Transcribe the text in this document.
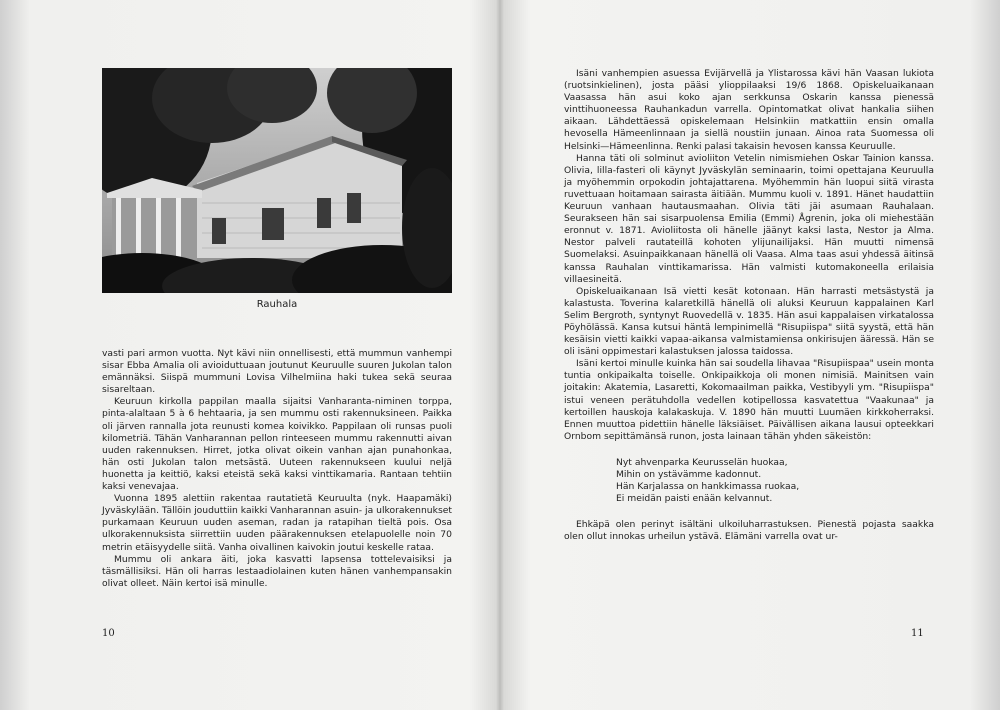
Rauhala

vasti pari armon vuotta. Nyt kävi niin onnellisesti, että mummun vanhempi sisar Ebba Amalia oli avioiduttuaan joutunut Keuruulle suuren Jukolan talon emännäksi. Siispä mummuni Lovisa Vilhelmiina haki tukea sekä seuraa sisareltaan.

Keuruun kirkolla pappilan maalla sijaitsi Vanharanta-niminen torppa, pinta-alaltaan 5 à 6 hehtaaria, ja sen mummu osti rakennuksineen. Paikka oli järven rannalla jota reunusti komea koivikko. Pappilaan oli runsas puoli kilometriä. Tähän Vanharannan pellon rinteeseen mummu rakennutti aivan uuden rakennuksen. Hirret, jotka olivat oikein vanhan ajan punahonkaa, hän osti Jukolan talon metsästä. Uuteen rakennukseen kuului neljä huonetta ja keittiö, kaksi eteistä sekä kaksi vinttikamaria. Rantaan tehtiin kaksi venevajaa.

Vuonna 1895 alettiin rakentaa rautatietä Keuruulta (nyk. Haapamäki) Jyväskylään. Tällöin jouduttiin kaikki Vanharannan asuin- ja ulkorakennukset purkamaan Keuruun uuden aseman, radan ja ratapihan tieltä pois. Osa ulkorakennuksista siirrettiin uuden päärakennuksen etelapuolelle noin 70 metrin etäisyydelle siitä. Vanha oivallinen kaivokin joutui keskelle rataa.

Mummu oli ankara äiti, joka kasvatti lapsensa tottelevaisiksi ja täsmällisiksi. Hän oli harras lestaadiolainen kuten hänen vanhempansakin olivat olleet. Näin kertoi isä minulle.

10

Isäni vanhempien asuessa Evijärvellä ja Ylistarossa kävi hän Vaasan lukiota (ruotsinkielinen), josta pääsi ylioppilaaksi 19/6 1868. Opiskeluaikanaan Vaasassa hän asui koko ajan serkkunsa Oskarin kanssa pienessä vinttihuoneessa Rauhankadun varrella. Opintomatkat olivat hankalia siihen aikaan. Lähdettäessä opiskelemaan Helsinkiin matkattiin ensin omalla hevosella Hämeenlinnaan ja siellä noustiin junaan. Ainoa rata Suomessa oli Helsinki—Hämeenlinna. Renki palasi takaisin hevosen kanssa Keuruulle.

Hanna täti oli solminut avioliiton Vetelin nimismiehen Oskar Tainion kanssa. Olivia, lilla-fasteri oli käynyt Jyväskylän seminaarin, toimi opettajana Keuruulla ja myöhemmin orpokodin johtajattarena. Myöhemmin hän luopui siitä virasta ruvettuaan hoitamaan sairasta äitiään. Mummu kuoli v. 1891. Hänet haudattiin Keuruun vanhaan hautausmaahan. Olivia täti jäi asumaan Rauhalaan. Seurakseen hän sai sisarpuolensa Emilia (Emmi) Ågrenin, joka oli miehestään eronnut v. 1871. Avioliitosta oli hänelle jäänyt kaksi lasta, Nestor ja Alma. Nestor palveli rautateillä kohoten ylijunailijaksi. Hän muutti nimensä Suomelaksi. Asuinpaikkanaan hänellä oli Vaasa. Alma taas asui yhdessä äitinsä kanssa Rauhalan vinttikamarissa. Hän valmisti kutomakoneella erilaisia villaesineitä.

Opiskeluaikanaan Isä vietti kesät kotonaan. Hän harrasti metsästystä ja kalastusta. Toverina kalaretkillä hänellä oli aluksi Keuruun kappalainen Karl Selim Bergroth, syntynyt Ruovedellä v. 1835. Hän asui kappalaisen virkatalossa Pöyhölässä. Kansa kutsui häntä lempinimellä "Risupiispa" siitä syystä, että hän kesäisin vietti kaikki vapaa-aikansa valmistamiensa onkirisujen ääressä. Hän se oli isäni oppimestari kalastuksen jalossa taidossa.

Isäni kertoi minulle kuinka hän sai soudella lihavaa "Risupiispaa" usein monta tuntia onkipaikalta toiselle. Onkipaikkoja oli monen nimisiä. Mainitsen vain joitakin: Akatemia, Lasaretti, Kokomaailman paikka, Vestibyyli ym. "Risupiispa" istui veneen perätuhdolla vedellen kotipellossa kasvatettua "Vaakunaa" ja kertoillen hauskoja kalakaskuja. V. 1890 hän muutti Luumäen kirkkoherraksi. Ennen muuttoa pidettiin hänelle läksiäiset. Päivällisen aikana lausui opteekkari Ornbom sepittämänsä runon, josta lainaan tähän yhden säkeistön:

Nyt ahvenparka Keurusselän huokaa,
Mihin on ystävämme kadonnut.
Hän Karjalassa on hankkimassa ruokaa,
Ei meidän paisti enään kelvannut.

Ehkäpä olen perinyt isältäni ulkoiluharrastuksen. Pienestä pojasta saakka olen ollut innokas urheilun ystävä. Elämäni varrella ovat ur-

11
